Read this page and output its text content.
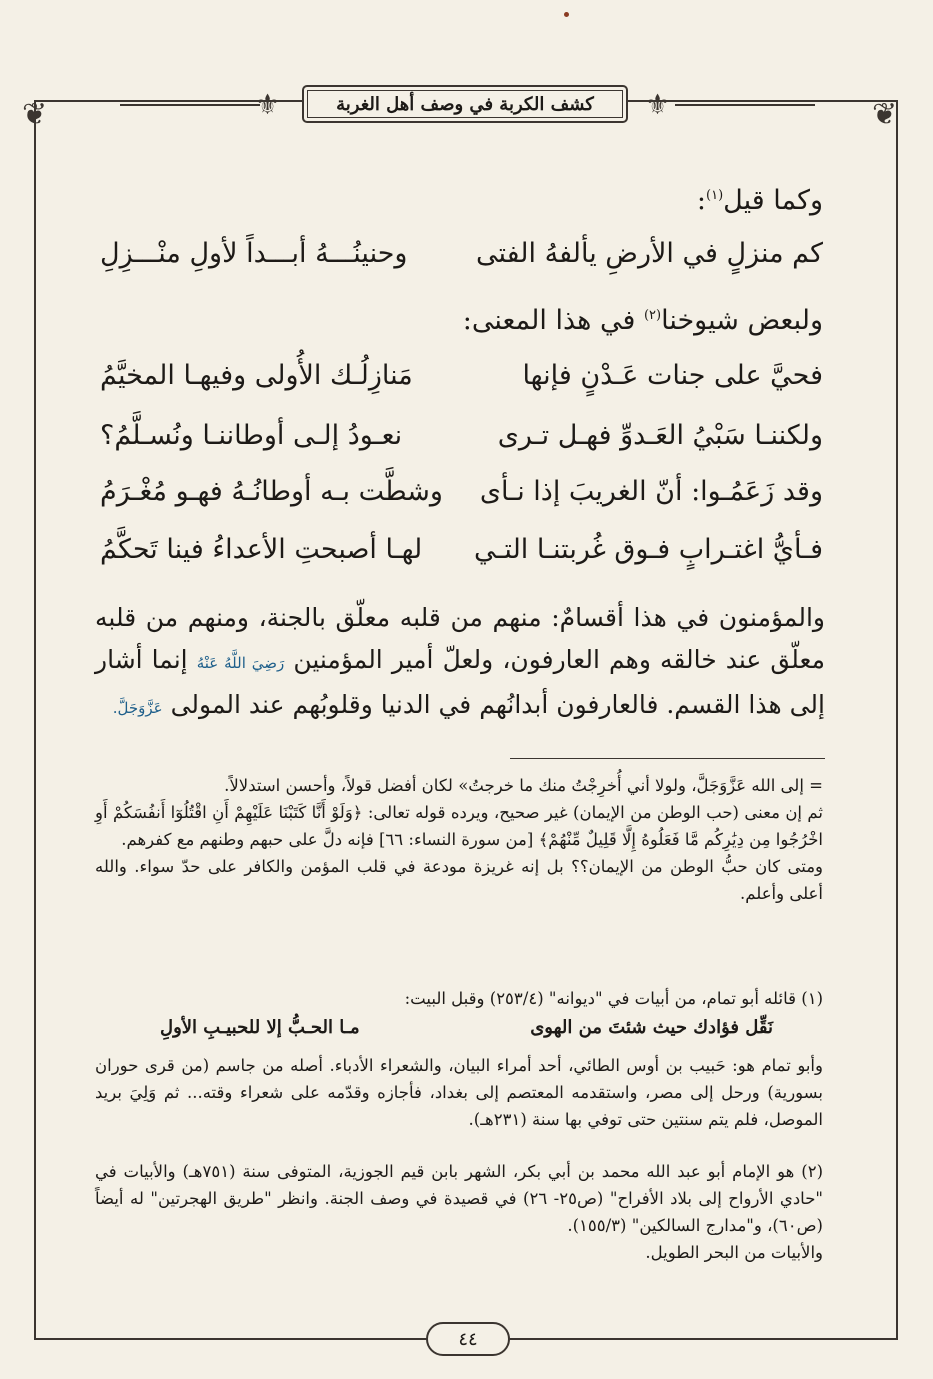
❦	❦
⚜	⚜
كشف الكربة في وصف أهل الغربة
وكما قيل$^{(١)}$:
كم منزلٍ في الأرضِ يألفهُ الفتى
وحنينُـــهُ أبـــداً لأولِ منْـــزِلِ
ولبعض شيوخنا$^{(٢)}$ في هذا المعنى:
فحيَّ على جنات عَـدْنٍ فإنها
مَنازِلُـك الأُولى وفيهـا المخيَّمُ
ولكننـا سَبْيُ العَـدوِّ فهـل تـرى
نعـودُ إلـى أوطاننـا ونُسـلَّمُ؟
وقد زَعَمُـوا: أنّ الغريبَ إذا نـأى
وشطَّت بـه أوطانُـهُ فهـو مُغْـرَمُ
فـأيُّ اغتـرابٍ فـوق غُربتنـا التـي
لهـا أصبحتِ الأعداءُ فينا تَحكَّمُ
والمؤمنون في هذا أقسامٌ: منهم من قلبه معلّق بالجنة، ومنهم من قلبه معلّق عند خالقه وهم العارفون، ولعلّ أمير المؤمنين رَضِيَ اللَّهُ عَنْهُ إنما أشار إلى هذا القسم. فالعارفون أبدانُهم في الدنيا وقلوبُهم عند المولى عَزَّوَجَلَّ.
= إلى الله عَزَّوَجَلَّ، ولولا أني أُخرِجْتُ منك ما خرجتُ» لكان أفضل قولاً، وأحسن استدلالاً.
ثم إن معنى (حب الوطن من الإيمان) غير صحيح، ويرده قوله تعالى: ﴿وَلَوْ أَنَّا كَتَبْنَا عَلَيْهِمْ أَنِ اقْتُلُوٓا أَنفُسَكُمْ أَوِ اخْرُجُوا مِن دِيَٰرِكُم مَّا فَعَلُوهُ إِلَّا قَلِيلٌ مِّنْهُمْ﴾ [من سورة النساء: ٦٦] فإنه دلَّ على حبهم وطنهم مع كفرهم.
ومتى كان حبُّ الوطن من الإيمان؟؟ بل إنه غريزة مودعة في قلب المؤمن والكافر على حدّ سواء. والله أعلى وأعلم.
(١) قائله أبو تمام، من أبيات في "ديوانه" (٢٥٣/٤) وقبل البيت:
نَقِّل فؤادك حيث شئتَ من الهوى
مـا الحـبُّ إلا للحبيـبِ الأولِ
وأبو تمام هو: حَبيب بن أوس الطائي، أحد أمراء البيان، والشعراء الأدباء. أصله من جاسم (من قرى حوران بسورية) ورحل إلى مصر، واستقدمه المعتصم إلى بغداد، فأجازه وقدّمه على شعراء وقته... ثم وَلِيَ بريد الموصل، فلم يتم سنتين حتى توفي بها سنة (٢٣١هـ).
(٢) هو الإمام أبو عبد الله محمد بن أبي بكر، الشهر بابن قيم الجوزية، المتوفى سنة (٧٥١هـ) والأبيات في "حادي الأرواح إلى بلاد الأفراح" (ص٢٥- ٢٦) في قصيدة في وصف الجنة. وانظر "طريق الهجرتين" له أيضاً (ص٦٠)، و"مدارج السالكين" (١٥٥/٣).
والأبيات من البحر الطويل.
٤٤
